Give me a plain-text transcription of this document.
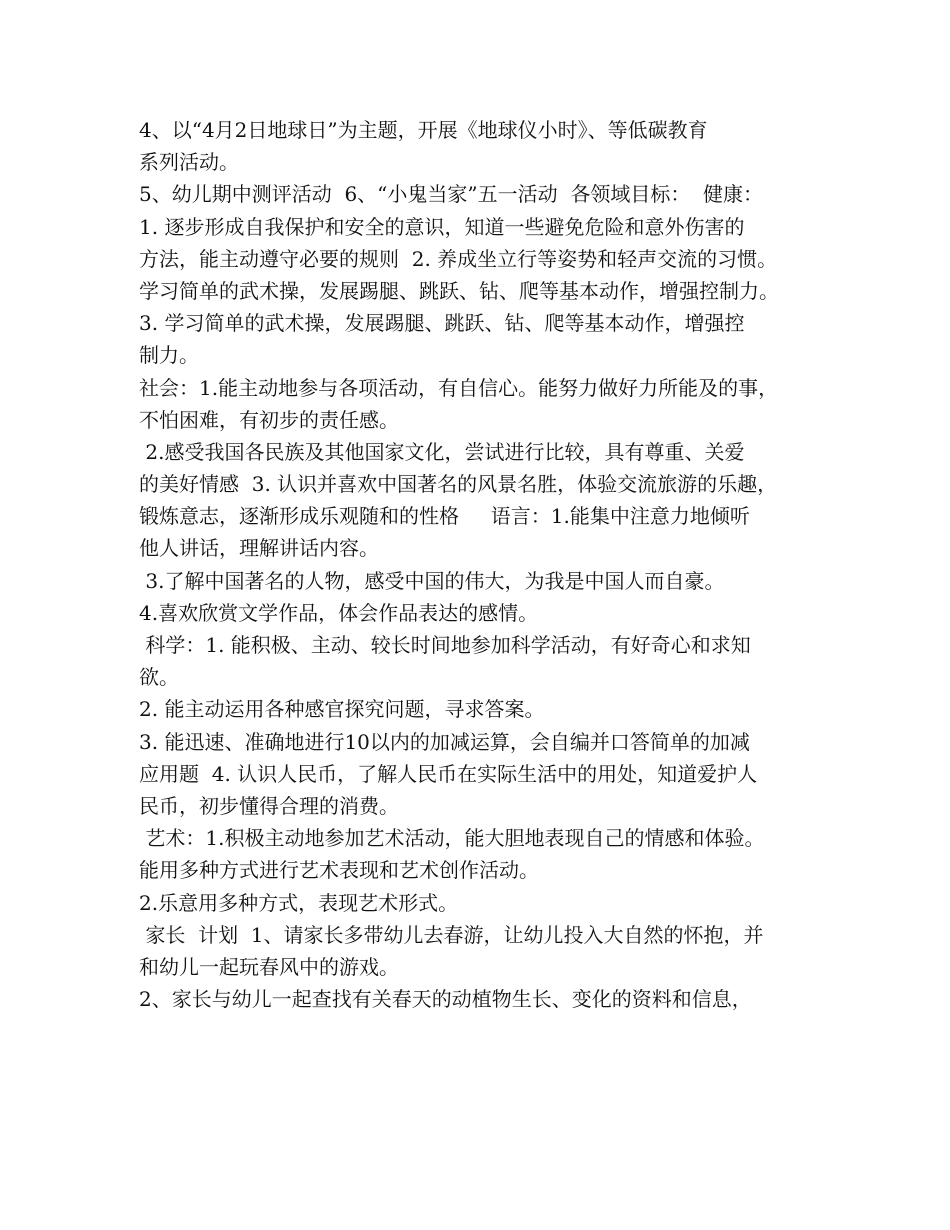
4、以“4月2日地球日”为主题，开展《地球仪小时》、等低碳教育

系列活动。

5、幼儿期中测评活动  6、“小鬼当家”五一活动  各领域目标：  健康：

1. 逐步形成自我保护和安全的意识，知道一些避免危险和意外伤害的

方法，能主动遵守必要的规则  2. 养成坐立行等姿势和轻声交流的习惯。

学习简单的武术操，发展踢腿、跳跃、钻、爬等基本动作，增强控制力。

3. 学习简单的武术操，发展踢腿、跳跃、钻、爬等基本动作，增强控

制力。

社会：1.能主动地参与各项活动，有自信心。能努力做好力所能及的事，

不怕困难，有初步的责任感。

2.感受我国各民族及其他国家文化，尝试进行比较，具有尊重、关爱

的美好情感  3. 认识并喜欢中国著名的风景名胜，体验交流旅游的乐趣，

锻炼意志，逐渐形成乐观随和的性格     语言：1.能集中注意力地倾听

他人讲话，理解讲话内容。

3.了解中国著名的人物，感受中国的伟大，为我是中国人而自豪。

4.喜欢欣赏文学作品，体会作品表达的感情。

科学：1. 能积极、主动、较长时间地参加科学活动，有好奇心和求知

欲。

2. 能主动运用各种感官探究问题，寻求答案。

3. 能迅速、准确地进行10以内的加减运算，会自编并口答简单的加减

应用题  4. 认识人民币，了解人民币在实际生活中的用处，知道爱护人

民币，初步懂得合理的消费。

艺术：1.积极主动地参加艺术活动，能大胆地表现自己的情感和体验。

能用多种方式进行艺术表现和艺术创作活动。

2.乐意用多种方式，表现艺术形式。

家长  计划  1、请家长多带幼儿去春游，让幼儿投入大自然的怀抱，并

和幼儿一起玩春风中的游戏。

2、家长与幼儿一起查找有关春天的动植物生长、变化的资料和信息，
